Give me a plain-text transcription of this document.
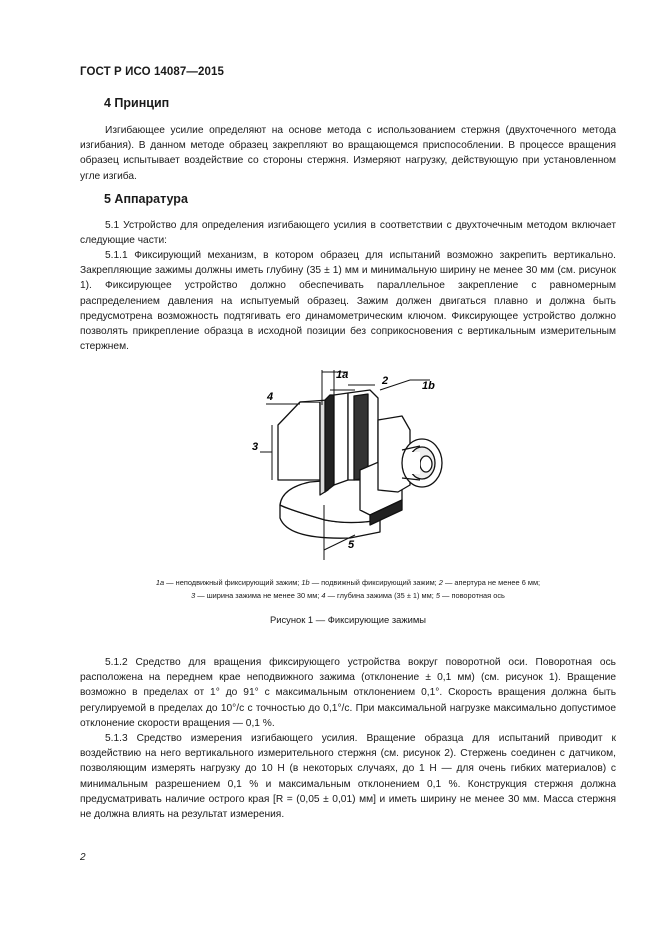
ГОСТ Р ИСО 14087—2015
4 Принцип

Изгибающее усилие определяют на основе метода с использованием стержня (двухточечного метода изгибания). В данном методе образец закрепляют во вращающемся приспособлении. В процессе вращения образец испытывает воздействие со стороны стержня. Измеряют нагрузку, действующую при установленном угле изгиба.

5 Аппаратура

5.1 Устройство для определения изгибающего усилия в соответствии с двухточечным методом включает следующие части:

5.1.1 Фиксирующий механизм, в котором образец для испытаний возможно закрепить вертикально. Закрепляющие зажимы должны иметь глубину (35 ± 1) мм и минимальную ширину не менее 30 мм (см. рисунок 1). Фиксирующее устройство должно обеспечивать параллельное закрепление с равномерным распределением давления на испытуемый образец. Зажим должен двигаться плавно и должна быть предусмотрена возможность подтягивать его динамометрическим ключом. Фиксирующее устройство должно позволять прикрепление образца в исходной позиции без соприкосновения с вертикальным измерительным стержнем.

1а	2	1b
4
3
5
1a — неподвижный фиксирующий зажим; 1b — подвижный фиксирующий зажим; 2 — апертура не менее 6 мм;
3 — ширина зажима не менее 30 мм; 4 — глубина зажима (35 ± 1) мм; 5 — поворотная ось
Рисунок 1 — Фиксирующие зажимы

5.1.2 Средство для вращения фиксирующего устройства вокруг поворотной оси. Поворотная ось расположена на переднем крае неподвижного зажима (отклонение ± 0,1 мм) (см. рисунок 1). Вращение возможно в пределах от 1° до 91° с максимальным отклонением 0,1°. Скорость вращения должна быть регулируемой в пределах до 10°/с с точностью до 0,1°/с. При максимальной нагрузке максимально допустимое отклонение скорости вращения — 0,1 %.

5.1.3 Средство измерения изгибающего усилия. Вращение образца для испытаний приводит к воздействию на него вертикального измерительного стержня (см. рисунок 2). Стержень соединен с датчиком, позволяющим измерять нагрузку до 10 Н (в некоторых случаях, до 1 Н — для очень гибких материалов) с минимальным разрешением 0,1 % и максимальным отклонением 0,1 %. Конструкция стержня должна предусматривать наличие острого края [R = (0,05 ± 0,01) мм] и иметь ширину не менее 30 мм. Масса стержня не должна влиять на результат измерения.

2
